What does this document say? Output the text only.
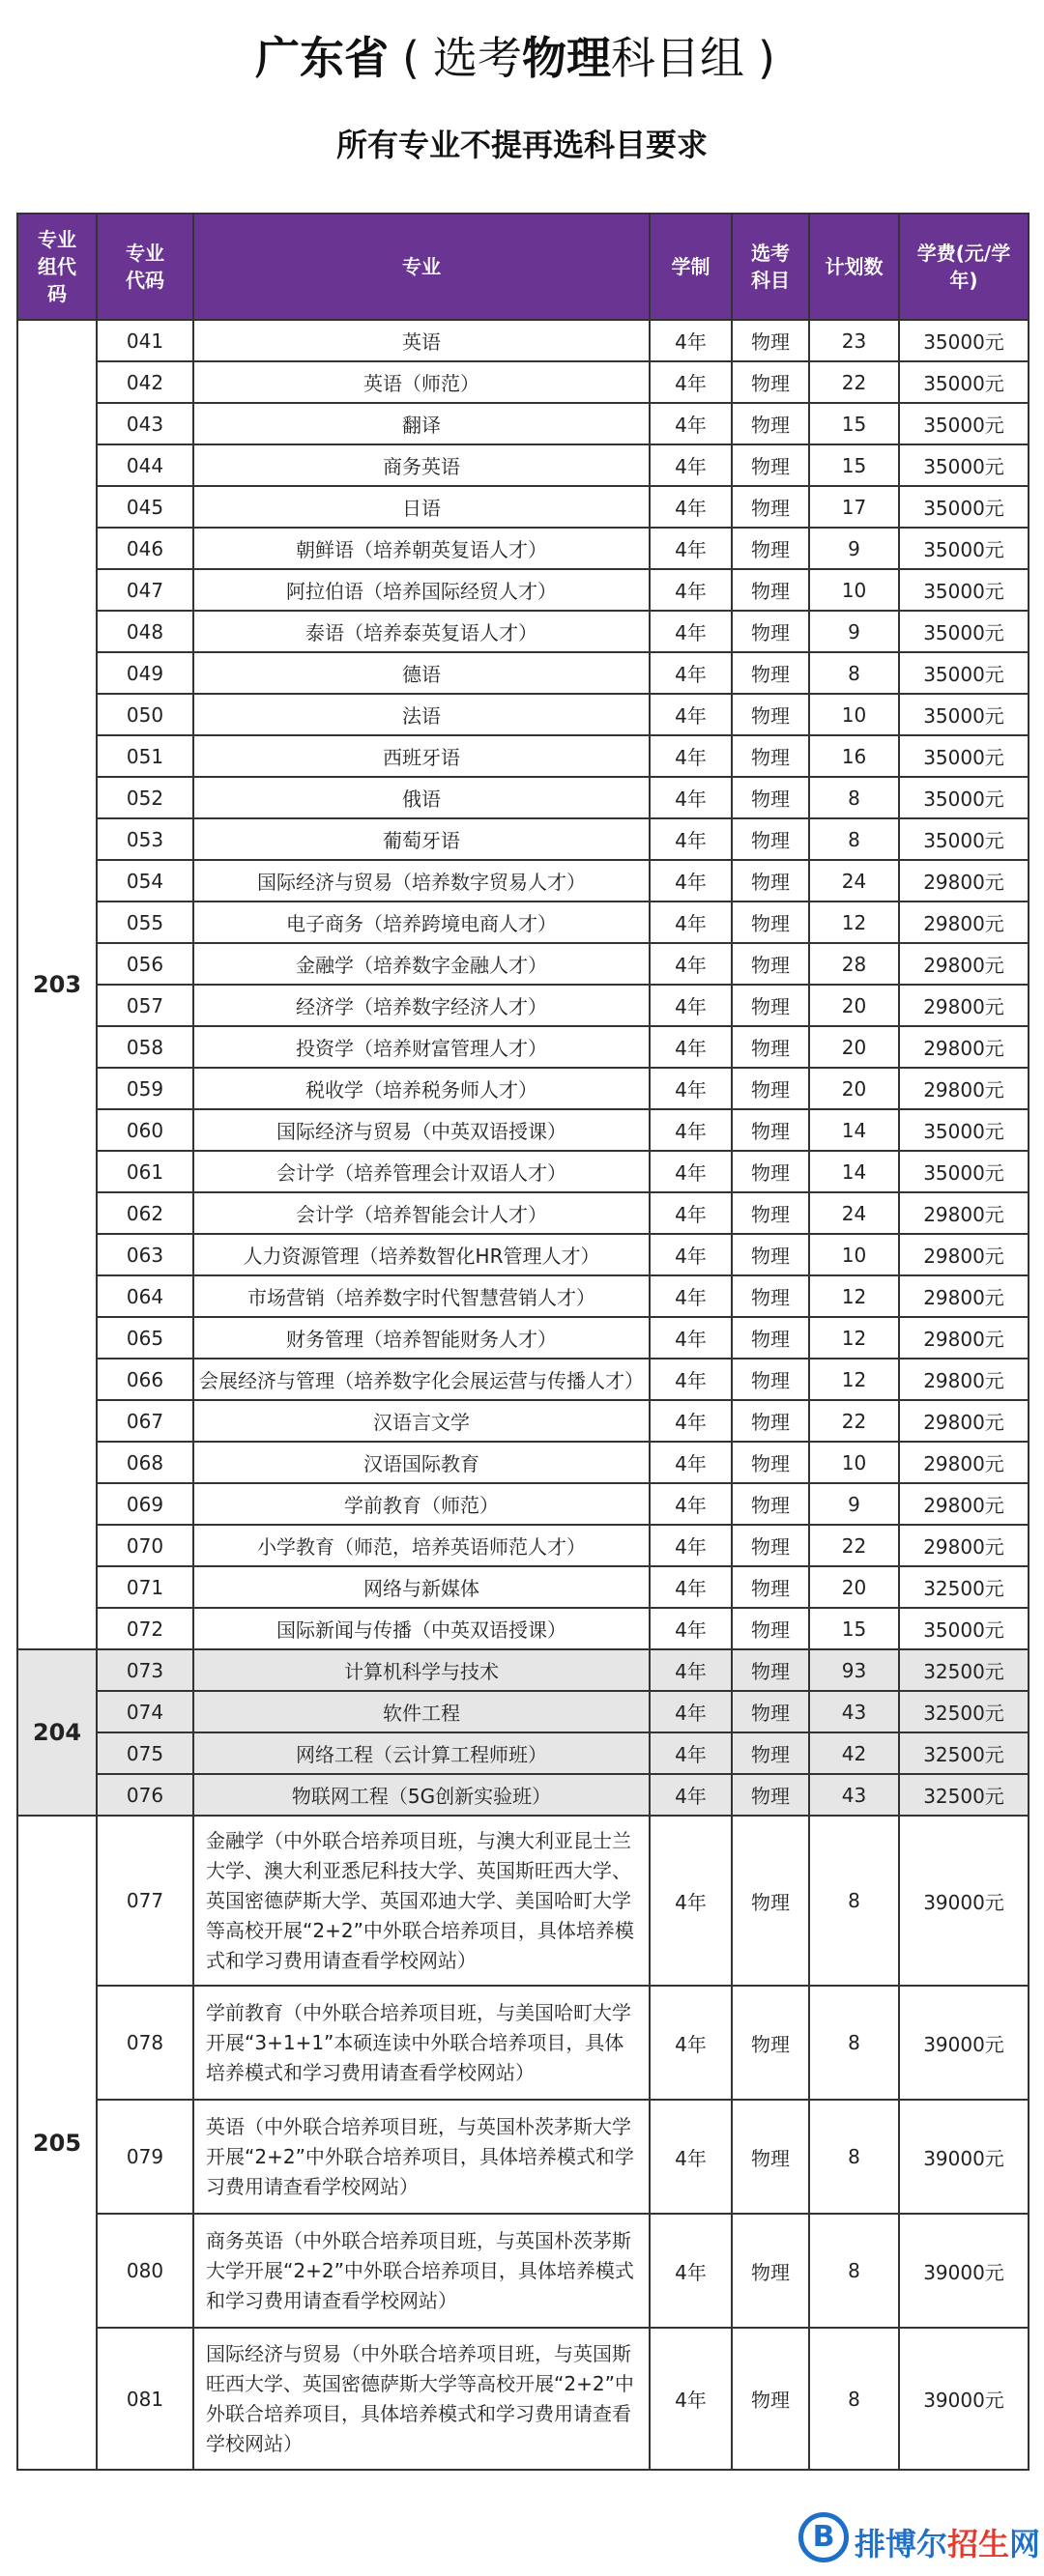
广东省 ( 选考物理科目组 )
所有专业不提再选科目要求
专业组代码	专业代码	专业	学制	选考科目	计划数	学费(元/学年)
203	041	英语	4年	物理	23	35000元
	042	英语（师范）	4年	物理	22	35000元
	043	翻译	4年	物理	15	35000元
	044	商务英语	4年	物理	15	35000元
	045	日语	4年	物理	17	35000元
	046	朝鲜语（培养朝英复语人才）	4年	物理	9	35000元
	047	阿拉伯语（培养国际经贸人才）	4年	物理	10	35000元
	048	泰语（培养泰英复语人才）	4年	物理	9	35000元
	049	德语	4年	物理	8	35000元
	050	法语	4年	物理	10	35000元
	051	西班牙语	4年	物理	16	35000元
	052	俄语	4年	物理	8	35000元
	053	葡萄牙语	4年	物理	8	35000元
	054	国际经济与贸易（培养数字贸易人才）	4年	物理	24	29800元
	055	电子商务（培养跨境电商人才）	4年	物理	12	29800元
	056	金融学（培养数字金融人才）	4年	物理	28	29800元
	057	经济学（培养数字经济人才）	4年	物理	20	29800元
	058	投资学（培养财富管理人才）	4年	物理	20	29800元
	059	税收学（培养税务师人才）	4年	物理	20	29800元
	060	国际经济与贸易（中英双语授课）	4年	物理	14	35000元
	061	会计学（培养管理会计双语人才）	4年	物理	14	35000元
	062	会计学（培养智能会计人才）	4年	物理	24	29800元
	063	人力资源管理（培养数智化HR管理人才）	4年	物理	10	29800元
	064	市场营销（培养数字时代智慧营销人才）	4年	物理	12	29800元
	065	财务管理（培养智能财务人才）	4年	物理	12	29800元
	066	会展经济与管理（培养数字化会展运营与传播人才）	4年	物理	12	29800元
	067	汉语言文学	4年	物理	22	29800元
	068	汉语国际教育	4年	物理	10	29800元
	069	学前教育（师范）	4年	物理	9	29800元
	070	小学教育（师范，培养英语师范人才）	4年	物理	22	29800元
	071	网络与新媒体	4年	物理	20	32500元
	072	国际新闻与传播（中英双语授课）	4年	物理	15	35000元
204	073	计算机科学与技术	4年	物理	93	32500元
	074	软件工程	4年	物理	43	32500元
	075	网络工程（云计算工程师班）	4年	物理	42	32500元
	076	物联网工程（5G创新实验班）	4年	物理	43	32500元
205	077	金融学（中外联合培养项目班，与澳大利亚昆士兰大学、澳大利亚悉尼科技大学、英国斯旺西大学、英国密德萨斯大学、英国邓迪大学、美国哈町大学等高校开展“2+2”中外联合培养项目，具体培养模式和学习费用请查看学校网站）	4年	物理	8	39000元
	078	学前教育（中外联合培养项目班，与美国哈町大学开展“3+1+1”本硕连读中外联合培养项目，具体培养模式和学习费用请查看学校网站）	4年	物理	8	39000元
	079	英语（中外联合培养项目班，与英国朴茨茅斯大学开展“2+2”中外联合培养项目，具体培养模式和学习费用请查看学校网站）	4年	物理	8	39000元
	080	商务英语（中外联合培养项目班，与英国朴茨茅斯大学开展“2+2”中外联合培养项目，具体培养模式和学习费用请查看学校网站）	4年	物理	8	39000元
	081	国际经济与贸易（中外联合培养项目班，与英国斯旺西大学、英国密德萨斯大学等高校开展“2+2”中外联合培养项目，具体培养模式和学习费用请查看学校网站）	4年	物理	8	39000元
B 排博尔招生网
